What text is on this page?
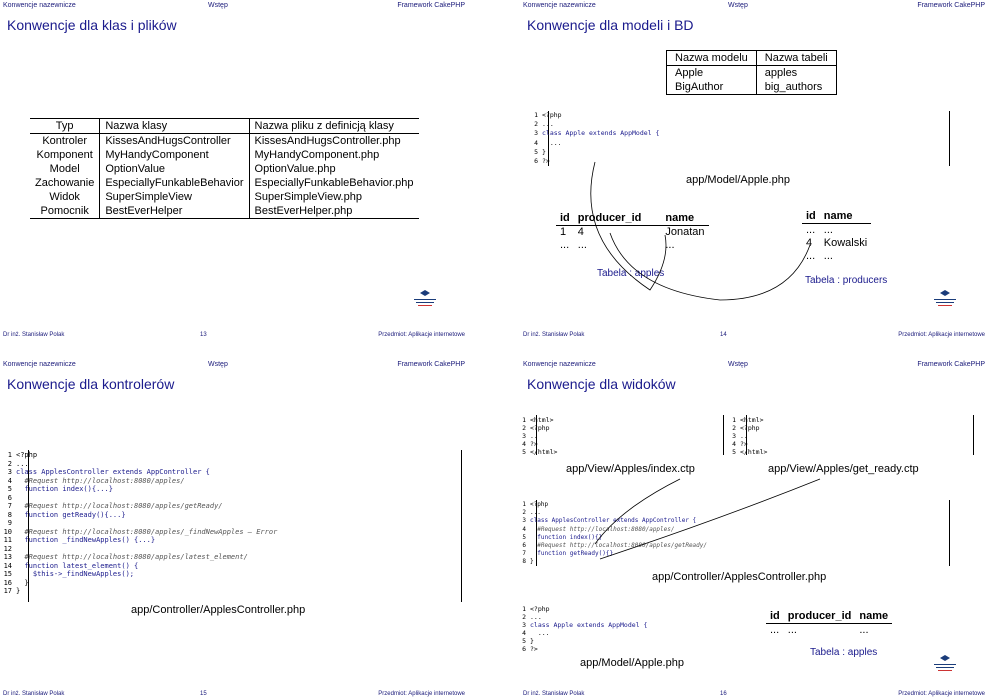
Konwencje nazewnicze	Wstęp	Framework CakePHP
Konwencje dla klas i plików
Typ	Nazwa klasy	Nazwa pliku z definicją klasy
Kontroler	KissesAndHugsController	KissesAndHugsController.php
Komponent	MyHandyComponent	MyHandyComponent.php
Model	OptionValue	OptionValue.php
Zachowanie	EspeciallyFunkableBehavior	EspeciallyFunkableBehavior.php
Widok	SuperSimpleView	SuperSimpleView.php
Pomocnik	BestEverHelper	BestEverHelper.php
Dr inż. Stanisław Polak	13	Przedmiot: Aplikacje internetowe
Konwencje nazewnicze	Wstęp	Framework CakePHP
Konwencje dla modeli i BD
Nazwa modelu	Nazwa tabeli
Apple	apples
BigAuthor	big_authors
1 <?php
2 ...
3 class Apple extends AppModel {
4 ...
5 }
6 ?>
app/Model/Apple.php
id	producer_id	name
1	4	Jonatan
...	...	...
Tabela : apples
id	name
...	...
4	Kowalski
...	...
Tabela : producers
Dr inż. Stanisław Polak	14	Przedmiot: Aplikacje internetowe
Konwencje nazewnicze	Wstęp	Framework CakePHP
Konwencje dla kontrolerów
1 <?php
2 ...
3 class ApplesController extends AppController {
4 #Request http://localhost:8080/apples/
5 function index(){...}
6
7 #Request http://localhost:8080/apples/getReady/
8 function getReady(){...}
9
10 #Request http://localhost:8080/apples/_findNewApples — Error
11 function _findNewApples() {...}
12
13 #Request http://localhost:8080/apples/latest_element/
14 function latest_element() {
15 $this->_findNewApples();
16 }
17 }
app/Controller/ApplesController.php
Dr inż. Stanisław Polak	15	Przedmiot: Aplikacje internetowe
Konwencje nazewnicze	Wstęp	Framework CakePHP
Konwencje dla widoków
1 <html>
2 <?php
3 ..
4 ?>
5 </html>
app/View/Apples/index.ctp
1 <html>
2 <?php
3 ..
4 ?>
5 </html>
app/View/Apples/get_ready.ctp
1 <?php
2 ...
3 class ApplesController extends AppController {
4 #Request http://localhost:8080/apples/
5 function index(){}
6 #Request http://localhost:8080/apples/getReady/
7 function getReady(){}
8 }
app/Controller/ApplesController.php
1 <?php
2 ...
3 class Apple extends AppModel {
4 ...
5 }
6 ?>
app/Model/Apple.php
id	producer_id	name
...	...	...
Tabela : apples
Dr inż. Stanisław Polak	16	Przedmiot: Aplikacje internetowe
